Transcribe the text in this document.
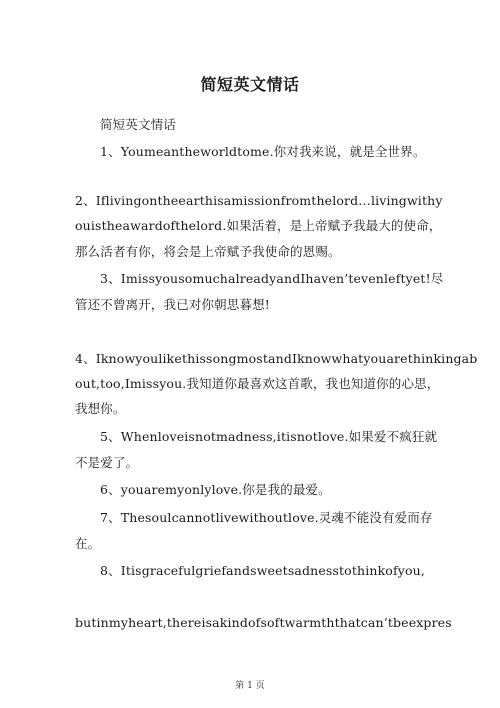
简短英文情话
简短英文情话
1、Youmeantheworldtome.你对我来说，就是全世界。
2、Iflivingontheearthisamissionfromthelord…livingwithy
ouistheawardofthelord.如果活着，是上帝赋予我最大的使命，
那么活者有你，将会是上帝赋予我使命的恩赐。
3、ImissyousomuchalreadyandIhaven’tevenleftyet!尽
管还不曾离开，我已对你朝思暮想!
4、IknowyoulikethissongmostandIknowwhatyouarethinkingab
out,too,Imissyou.我知道你最喜欢这首歌，我也知道你的心思，
我想你。
5、Whenloveisnotmadness,itisnotlove.如果爱不疯狂就
不是爱了。
6、youaremyonlylove.你是我的最爱。
7、Thesoulcannotlivewithoutlove.灵魂不能没有爱而存
在。
8、Itisgracefulgriefandsweetsadnesstothinkofyou,
butinmyheart,thereisakindofsoftwarmththatcan’tbeexpres
第 1 页
